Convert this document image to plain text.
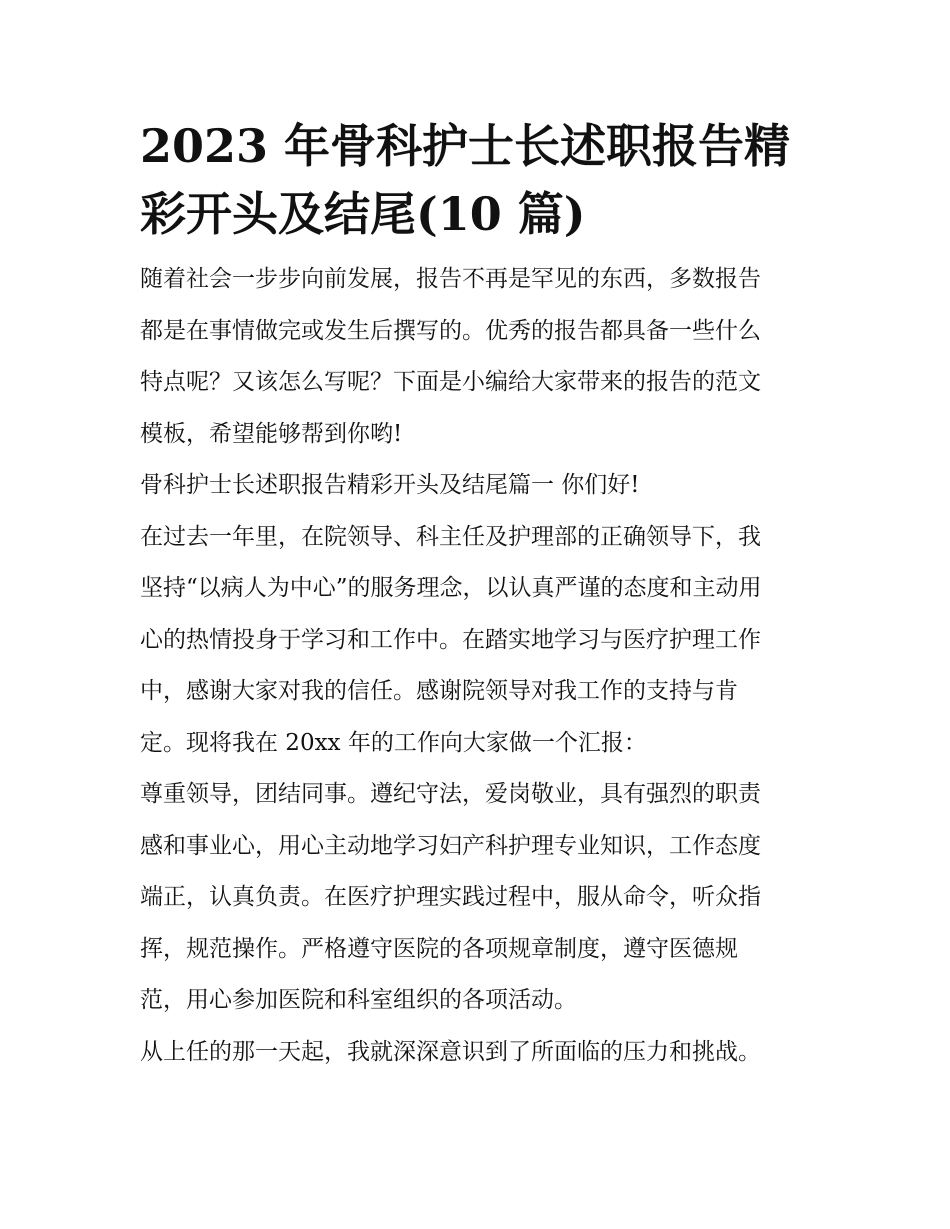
2023 年骨科护士长述职报告精
彩开头及结尾(10 篇)

随着社会一步步向前发展，报告不再是罕见的东西，多数报告
都是在事情做完或发生后撰写的。优秀的报告都具备一些什么
特点呢？又该怎么写呢？下面是小编给大家带来的报告的范文
模板，希望能够帮到你哟!

骨科护士长述职报告精彩开头及结尾篇一 你们好!

在过去一年里，在院领导、科主任及护理部的正确领导下，我
坚持“以病人为中心”的服务理念，以认真严谨的态度和主动用
心的热情投身于学习和工作中。在踏实地学习与医疗护理工作
中，感谢大家对我的信任。感谢院领导对我工作的支持与肯
定。现将我在 20xx 年的工作向大家做一个汇报：

尊重领导，团结同事。遵纪守法，爱岗敬业，具有强烈的职责
感和事业心，用心主动地学习妇产科护理专业知识，工作态度
端正，认真负责。在医疗护理实践过程中，服从命令，听众指
挥，规范操作。严格遵守医院的各项规章制度，遵守医德规
范，用心参加医院和科室组织的各项活动。

从上任的那一天起，我就深深意识到了所面临的压力和挑战。
